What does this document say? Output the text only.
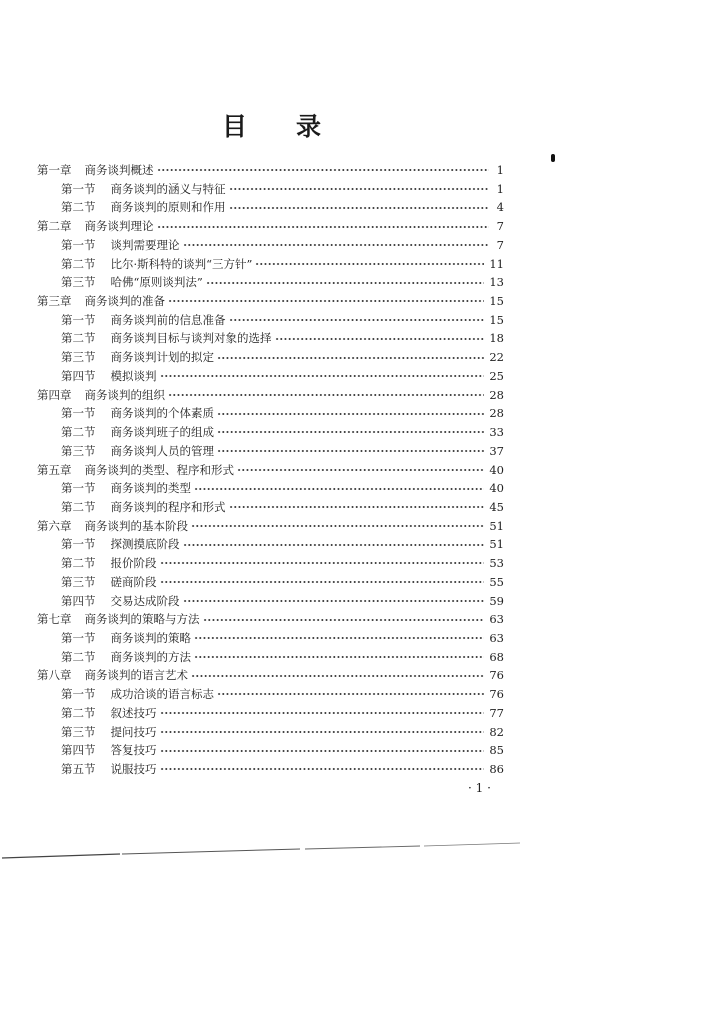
目　录
第一章 商务谈判概述	1
第一节 商务谈判的涵义与特征	1
第二节 商务谈判的原则和作用	4
第二章 商务谈判理论	7
第一节 谈判需要理论	7
第二节 比尔·斯科特的谈判“三方针”	11
第三节 哈佛“原则谈判法”	13
第三章 商务谈判的准备	15
第一节 商务谈判前的信息准备	15
第二节 商务谈判目标与谈判对象的选择	18
第三节 商务谈判计划的拟定	22
第四节 模拟谈判	25
第四章 商务谈判的组织	28
第一节 商务谈判的个体素质	28
第二节 商务谈判班子的组成	33
第三节 商务谈判人员的管理	37
第五章 商务谈判的类型、程序和形式	40
第一节 商务谈判的类型	40
第二节 商务谈判的程序和形式	45
第六章 商务谈判的基本阶段	51
第一节 探测摸底阶段	51
第二节 报价阶段	53
第三节 磋商阶段	55
第四节 交易达成阶段	59
第七章 商务谈判的策略与方法	63
第一节 商务谈判的策略	63
第二节 商务谈判的方法	68
第八章 商务谈判的语言艺术	76
第一节 成功洽谈的语言标志	76
第二节 叙述技巧	77
第三节 提问技巧	82
第四节 答复技巧	85
第五节 说服技巧	86
· 1 ·
